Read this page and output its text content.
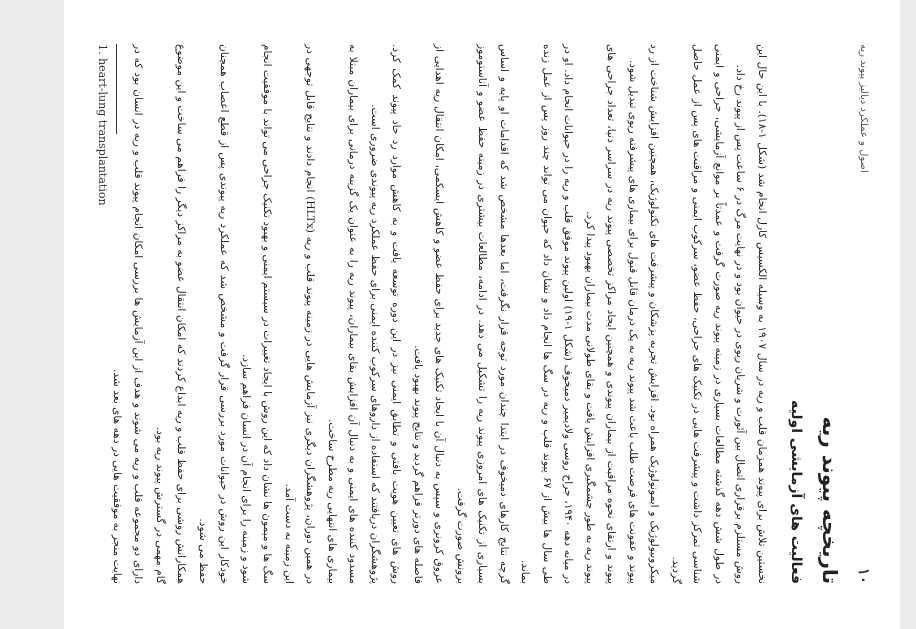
۱۰
اصول و عملکرد دیالیز پیوند ریه
تاریخچه پیوند ریه
فعالیت های آزمایشی اولیه

نخستین تلاش برای پیوند همزمان قلب و ریه در سال ۱۹۰۷ به وسیله الکسیس کارل انجام شد (شکل ۱-۱۸). با این حال این روش مستلزم برقراری اتصال بین آئورت و شریان ریوی در حیوان بود و در نهایت مرگ در ۶ ساعت پس از پیوند رخ داد.

در طول شش دهه گذشته مطالعات بسیاری در زمینه پیوند ریه صورت گرفت و عمدتاً بر موانع آزمایشی، جراحی و ایمنی شناسی تمرکز داشت و پیشرفت هایی در تکنیک های جراحی، حفظ عضو، سرکوب ایمنی و مراقبت های پس از عمل حاصل گردید.

میکروبیولوژیک و ایمونولوژیک همراه بود. افزایش تجربه پزشکان و پیشرفت های تکنولوژیک، همچنین افزایش شناخت از رد پیوند و عفونت های فرصت طلب باعث شد پیوند ریه به یک درمان قابل قبول برای بیماری های پیشرفته ریوی تبدیل شود.

پیوند و ارتقای نحوه مراقبت از بیماران پیوندی و همچنین ایجاد مراکز تخصصی پیوند ریه در سراسر دنیا، تعداد جراحی های پیوند ریه به طور چشمگیری افزایش یافت و بقای طولانی مدت بیماران بهبود پیدا کرد.

در میانه دهه ۱۹۴۰، جراح روسی ولادیمیر دمیخوف (شکل ۱-۱۹) اولین پیوند موفق قلب و ریه را در حیوانات انجام داد. او در طی سال ها بیش از ۶۷ پیوند قلب و ریه در سگ ها انجام داد و نشان داد که حیوان می تواند چند روز پس از عمل زنده بماند.

گرچه نتایج کارهای دمیخوف در ابتدا چندان مورد توجه قرار نگرفت، اما بعدها مشخص شد که اقدامات او پایه و اساس بسیاری از تکنیک های امروزی پیوند ریه را تشکیل می دهد. در ادامه، مطالعات بیشتری در زمینه حفظ عضو و آناستوموز برونش صورت گرفت.

عروق کرونری و سپس به دنبال آن با ایجاد تکنیک های جدید برای حفظ عضو و کاهش ایسکمی، امکان انتقال ریه اهدایی از فاصله های دورتر فراهم گردید و نتایج پیوند بهبود یافت.

روش های تعیین هویت بافتی و تطابق ایمنی نیز در این دوره توسعه یافت و به کاهش موارد رد حاد پیوند کمک کرد. پژوهشگران دریافتند که استفاده از داروهای سرکوب کننده ایمنی برای حفظ عملکرد ریه پیوندی ضروری است.

مسدود کننده های ایمنی و به دنبال آن افزایش بقای بیماران، پیوند ریه را به عنوان یک گزینه درمانی برای بیماران مبتلا به بیماری های انتهایی ریه مطرح ساخت.

در همین دوران، پژوهشگران دیگری نیز آزمایش هایی در زمینه پیوند قلب و ریه (HLTx) انجام دادند و نتایج قابل توجهی در این زمینه به دست آمد.

سگ ها و میمون ها نشان داد که این روش با ایجاد تغییرات در سیستم ایمنی و بهبود تکنیک جراحی می تواند با موفقیت انجام شود و زمینه را برای انجام آن در انسان فراهم سازد.

خودکار این روش در حیوانات مورد بررسی قرار گرفت و مشخص شد که عملکرد ریه پیوندی پس از قطع اعصاب همچنان حفظ می شود.

همکارانش روشی برای حفظ قلب و ریه ابداع کردند که امکان انتقال عضو به مراکز دیگر را فراهم می ساخت و این موضوع گام مهمی در گسترش پیوند ریه بود.

دارای دو مجموعه قلب و ریه می شوند و هدف از این آزمایش ها بررسی امکان انجام پیوند قلب و ریه در انسان بود که در نهایت منجر به موفقیت هایی در دهه های بعد شد.

1. heart-lung transplantation
